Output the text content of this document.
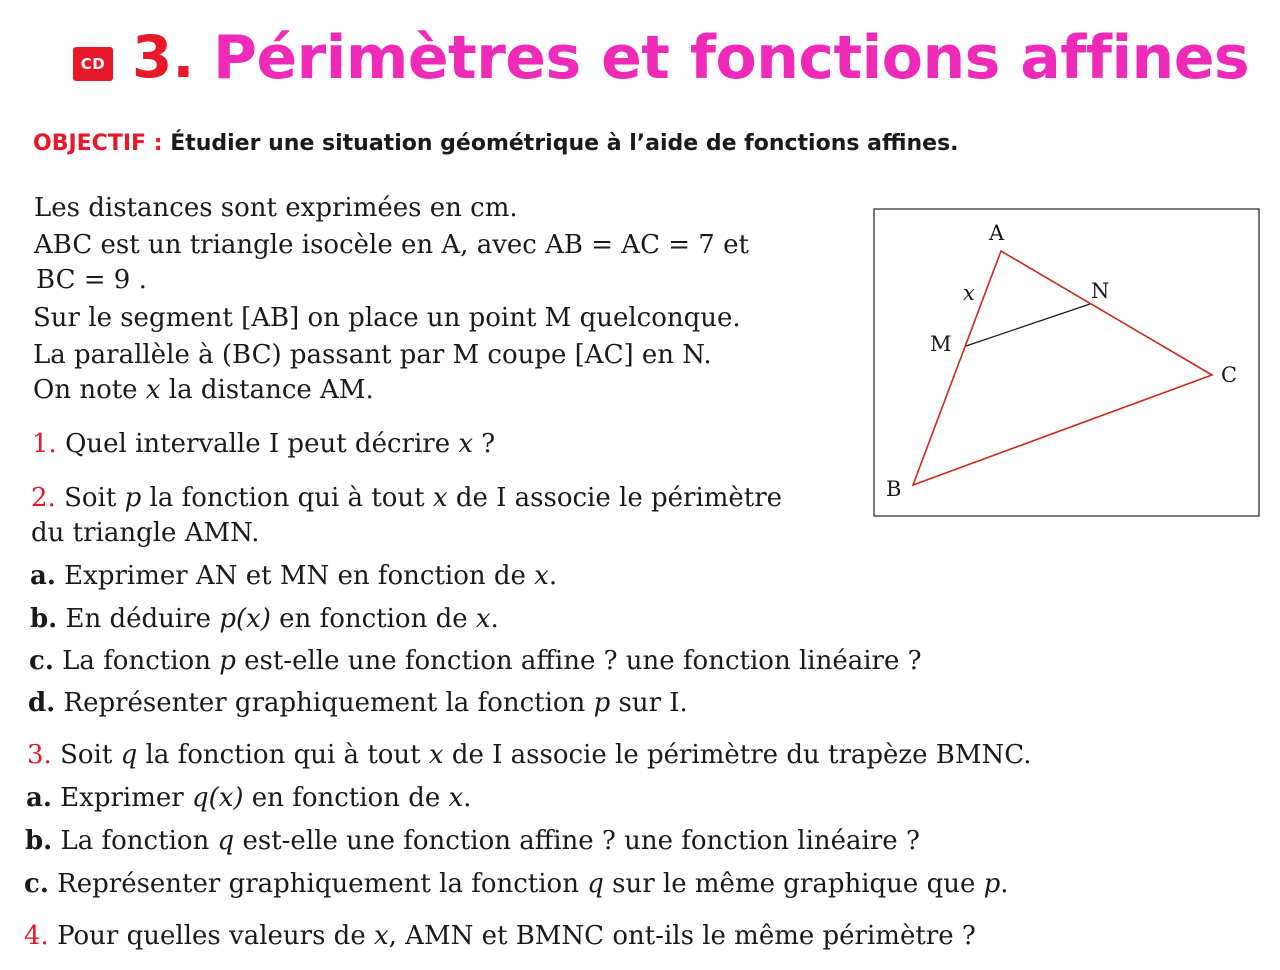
CD 3. Périmètres et fonctions affines
OBJECTIF : Étudier une situation géométrique à l’aide de fonctions affines.
Les distances sont exprimées en cm.
ABC est un triangle isocèle en A, avec AB = AC = 7 et
BC = 9 .
Sur le segment [AB] on place un point M quelconque.
La parallèle à (BC) passant par M coupe [AC] en N.
On note x la distance AM.
A
B
C
M
N
x
1. Quel intervalle I peut décrire x ?
2. Soit p la fonction qui à tout x de I associe le périmètre
du triangle AMN.
a. Exprimer AN et MN en fonction de x.
b. En déduire p(x) en fonction de x.
c. La fonction p est-elle une fonction affine ? une fonction linéaire ?
d. Représenter graphiquement la fonction p sur I.
3. Soit q la fonction qui à tout x de I associe le périmètre du trapèze BMNC.
a. Exprimer q(x) en fonction de x.
b. La fonction q est-elle une fonction affine ? une fonction linéaire ?
c. Représenter graphiquement la fonction q sur le même graphique que p.
4. Pour quelles valeurs de x, AMN et BMNC ont-ils le même périmètre ?
